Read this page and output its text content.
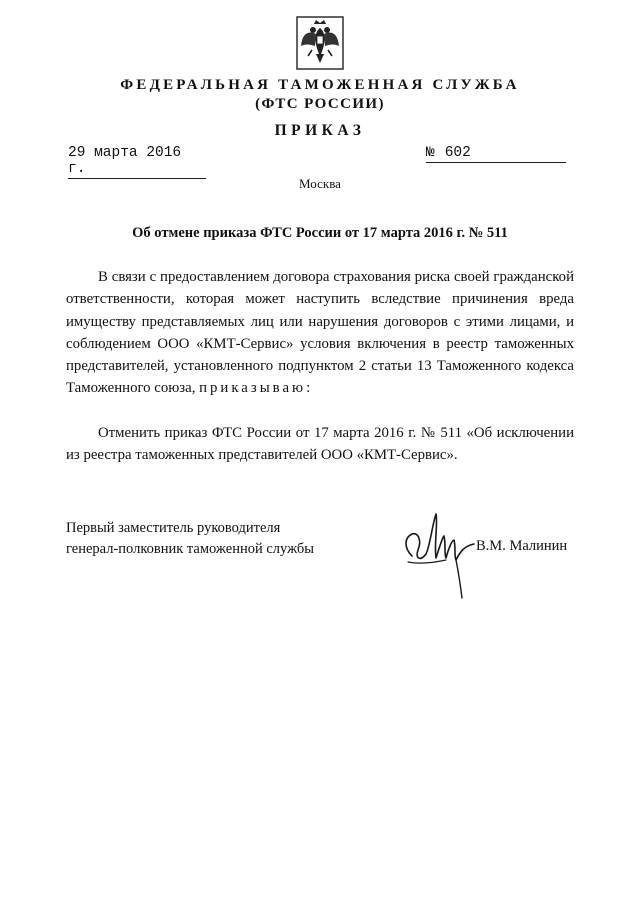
ФЕДЕРАЛЬНАЯ ТАМОЖЕННАЯ СЛУЖБА
(ФТС РОССИИ)
ПРИКАЗ
29 марта 2016 г.
№ 602
Москва
Об отмене приказа ФТС России от 17 марта 2016 г. № 511
В связи с предоставлением договора страхования риска своей гражданской ответственности, которая может наступить вследствие причинения вреда имуществу представляемых лиц или нарушения договоров с этими лицами, и соблюдением ООО «КМТ-Сервис» условия включения в реестр таможенных представителей, установленного подпунктом 2 статьи 13 Таможенного кодекса Таможенного союза, приказываю:
Отменить приказ ФТС России от 17 марта 2016 г. № 511 «Об исключении из реестра таможенных представителей ООО «КМТ-Сервис».
Первый заместитель руководителя
генерал-полковник таможенной службы	В.М. Малинин
